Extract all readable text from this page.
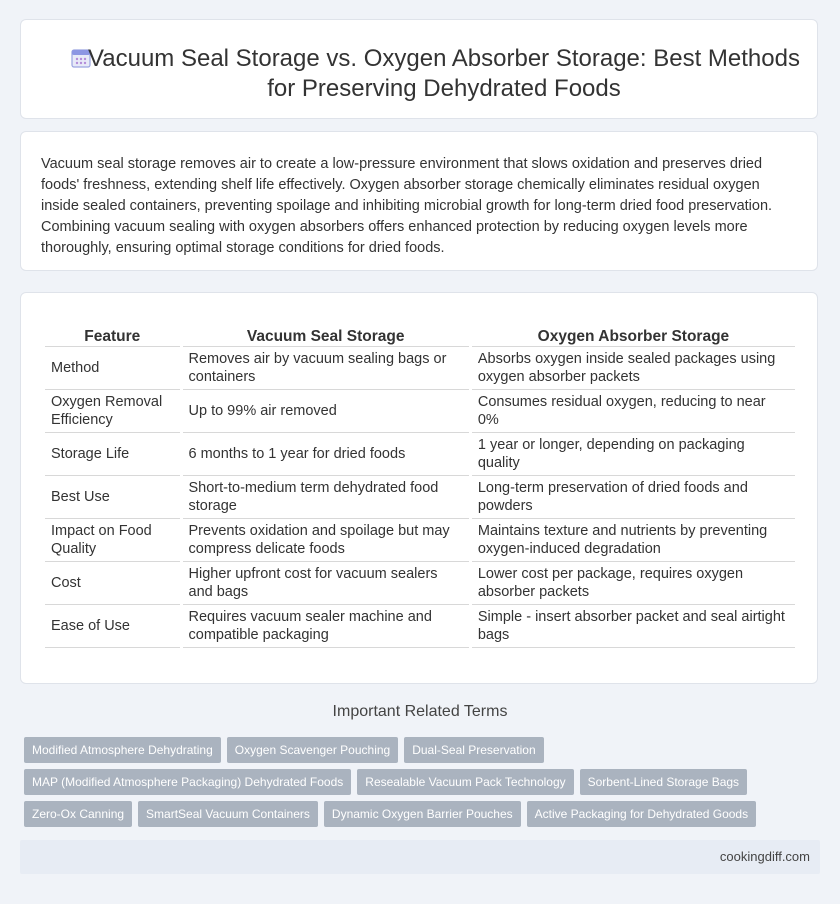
Vacuum Seal Storage vs. Oxygen Absorber Storage: Best Methods for Preserving Dehydrated Foods

Vacuum seal storage removes air to create a low-pressure environment that slows oxidation and preserves dried foods' freshness, extending shelf life effectively. Oxygen absorber storage chemically eliminates residual oxygen inside sealed containers, preventing spoilage and inhibiting microbial growth for long-term dried food preservation. Combining vacuum sealing with oxygen absorbers offers enhanced protection by reducing oxygen levels more thoroughly, ensuring optimal storage conditions for dried foods.

Feature	Vacuum Seal Storage	Oxygen Absorber Storage
Method	Removes air by vacuum sealing bags or containers	Absorbs oxygen inside sealed packages using oxygen absorber packets
Oxygen Removal Efficiency	Up to 99% air removed	Consumes residual oxygen, reducing to near 0%
Storage Life	6 months to 1 year for dried foods	1 year or longer, depending on packaging quality
Best Use	Short-to-medium term dehydrated food storage	Long-term preservation of dried foods and powders
Impact on Food Quality	Prevents oxidation and spoilage but may compress delicate foods	Maintains texture and nutrients by preventing oxygen-induced degradation
Cost	Higher upfront cost for vacuum sealers and bags	Lower cost per package, requires oxygen absorber packets
Ease of Use	Requires vacuum sealer machine and compatible packaging	Simple - insert absorber packet and seal airtight bags
Important Related Terms
Modified Atmosphere Dehydrating Oxygen Scavenger Pouching Dual-Seal Preservation
MAP (Modified Atmosphere Packaging) Dehydrated Foods Resealable Vacuum Pack Technology Sorbent-Lined Storage Bags
Zero-Ox Canning SmartSeal Vacuum Containers Dynamic Oxygen Barrier Pouches Active Packaging for Dehydrated Goods
cookingdiff.com
